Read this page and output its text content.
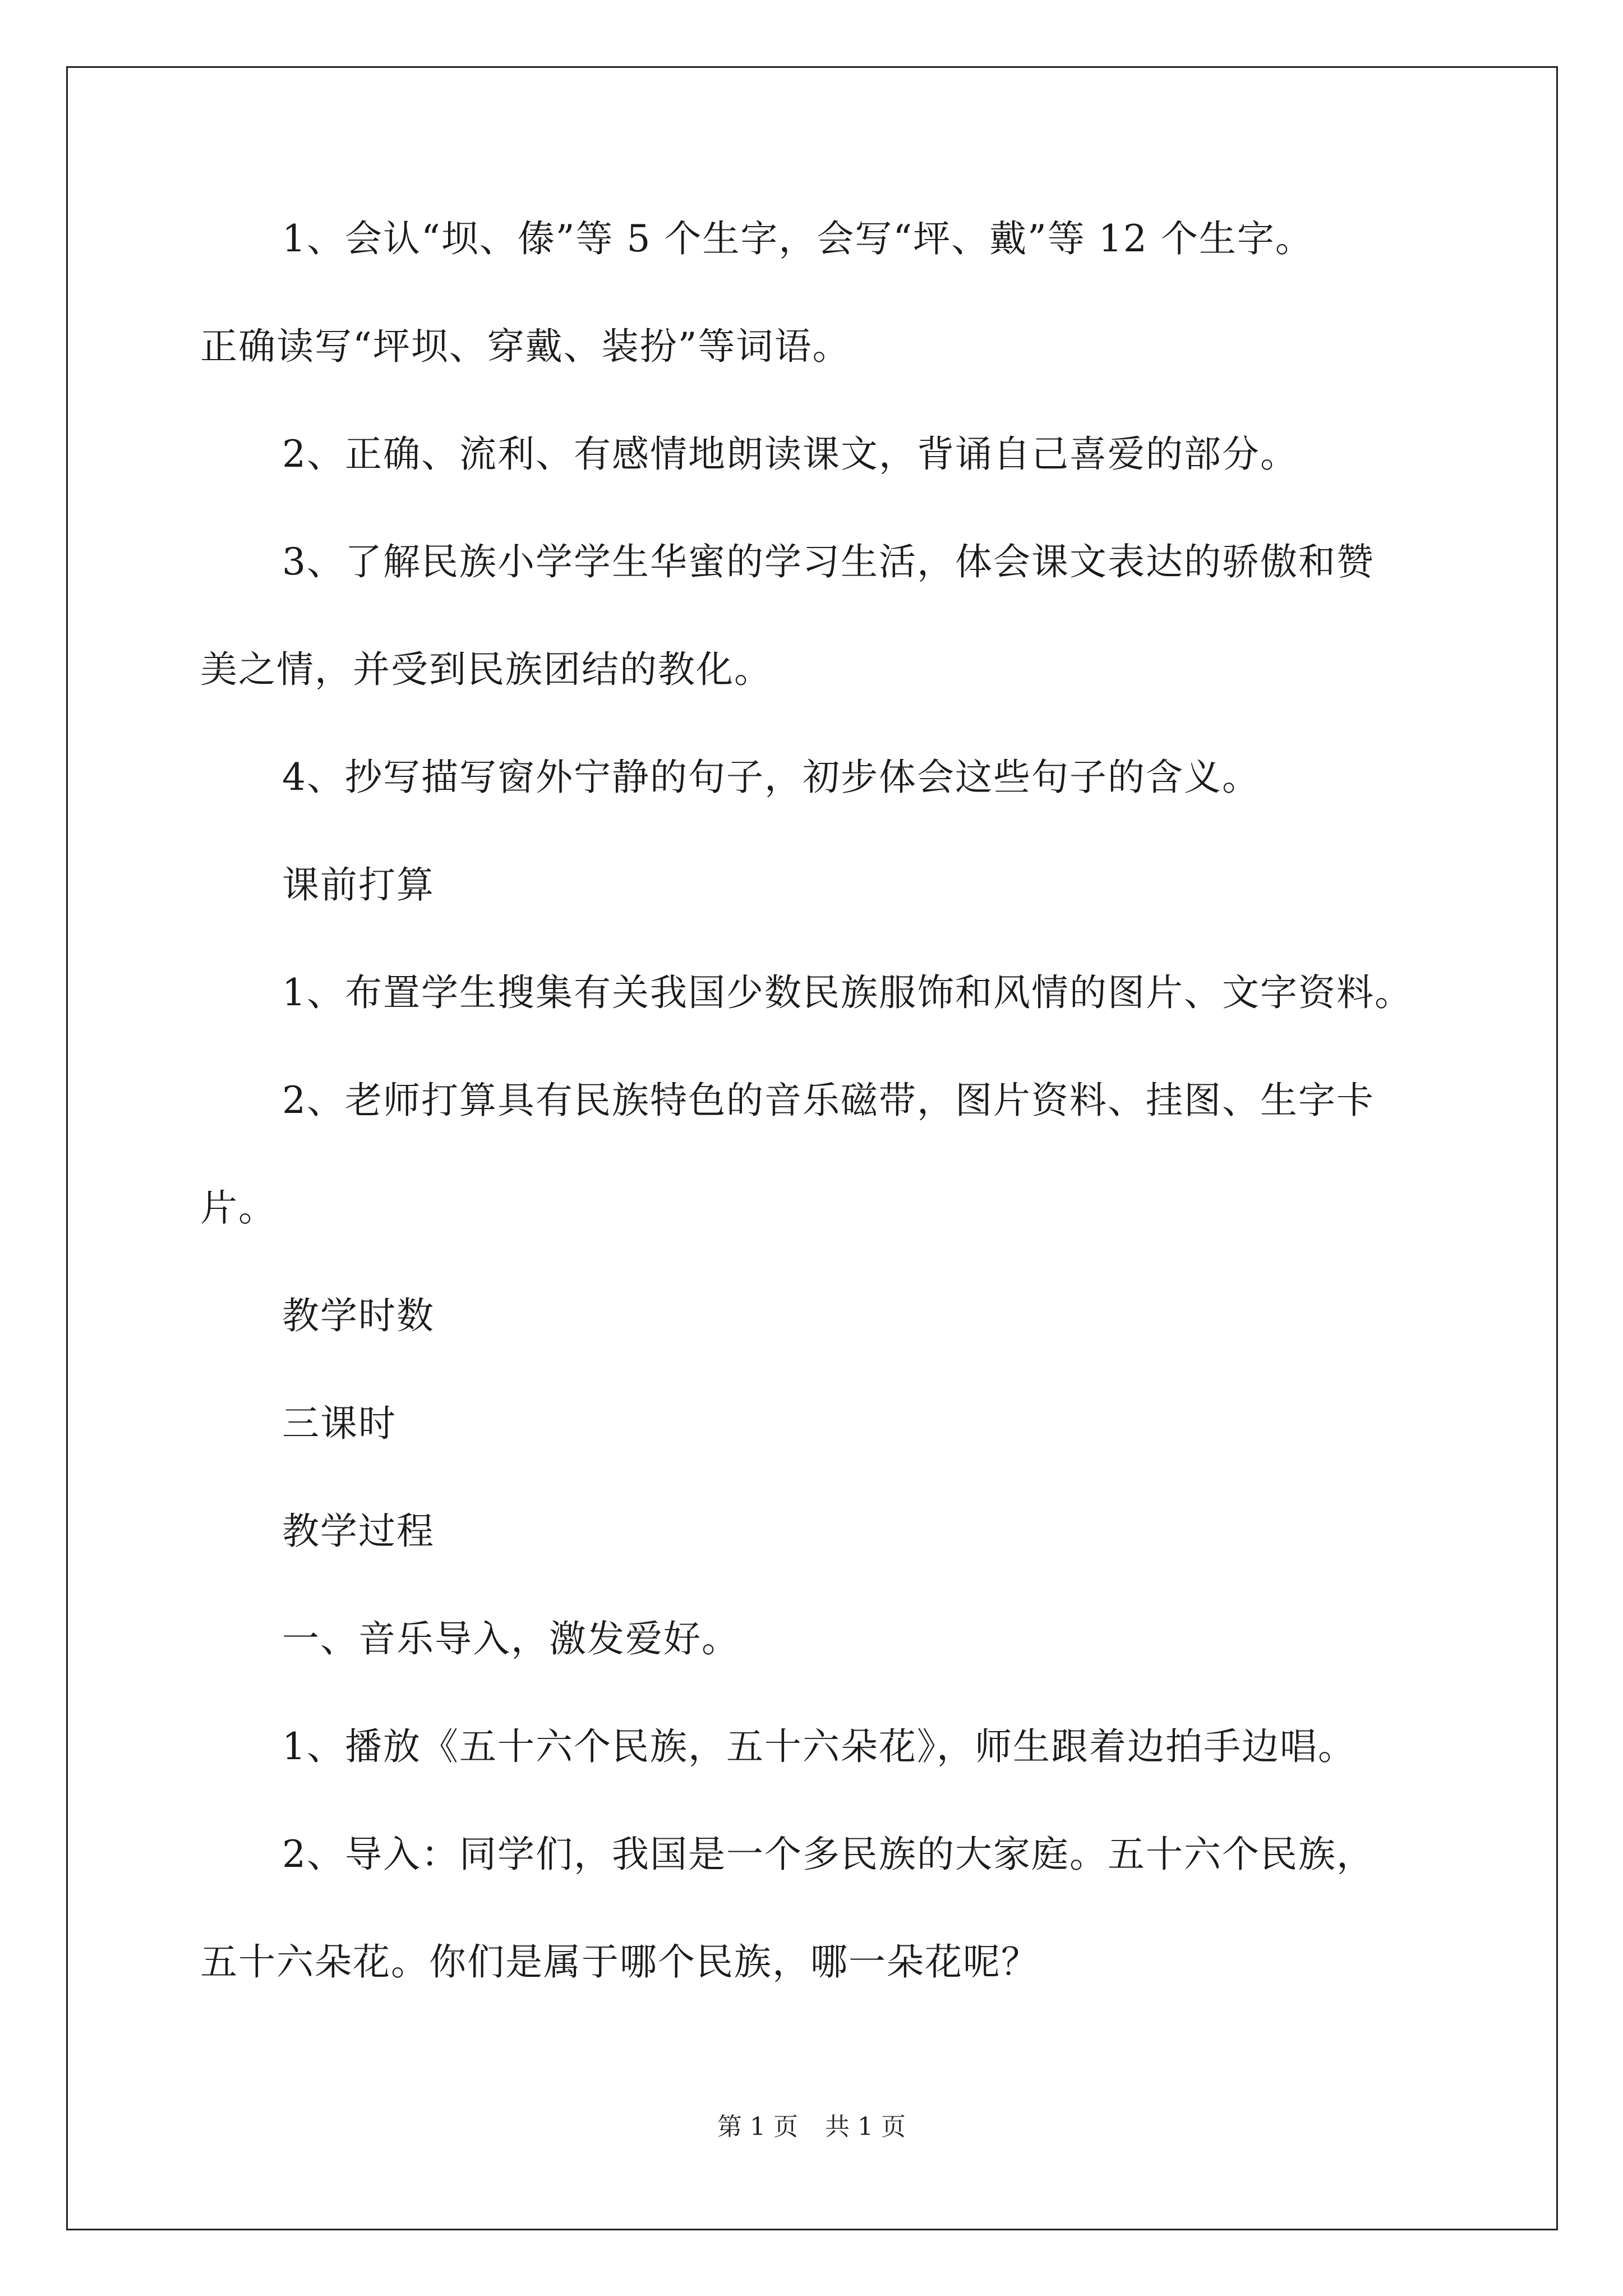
1、会认“坝、傣”等 5 个生字，会写“坪、戴”等 12 个生字。
正确读写“坪坝、穿戴、装扮”等词语。
2、正确、流利、有感情地朗读课文，背诵自己喜爱的部分。
3、了解民族小学学生华蜜的学习生活，体会课文表达的骄傲和赞
美之情，并受到民族团结的教化。
4、抄写描写窗外宁静的句子，初步体会这些句子的含义。
课前打算
1、布置学生搜集有关我国少数民族服饰和风情的图片、文字资料。
2、老师打算具有民族特色的音乐磁带，图片资料、挂图、生字卡
片。
教学时数
三课时
教学过程
一、音乐导入，激发爱好。
1、播放《五十六个民族，五十六朵花》，师生跟着边拍手边唱。
2、导入：同学们，我国是一个多民族的大家庭。五十六个民族，
五十六朵花。你们是属于哪个民族，哪一朵花呢？
第 1 页 共 1 页
